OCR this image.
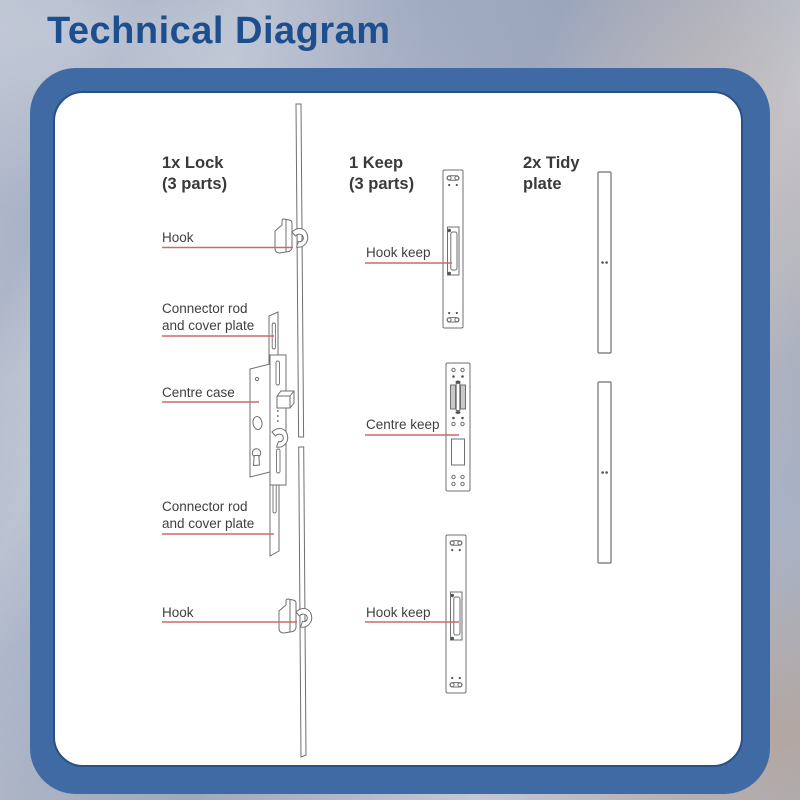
Technical Diagram
1x Lock
(3 parts)
1 Keep
(3 parts)
2x Tidy
plate
Hook
Connector rod
and cover plate
Centre case
Connector rod
and cover plate
Hook
Hook keep
Centre keep
Hook keep
